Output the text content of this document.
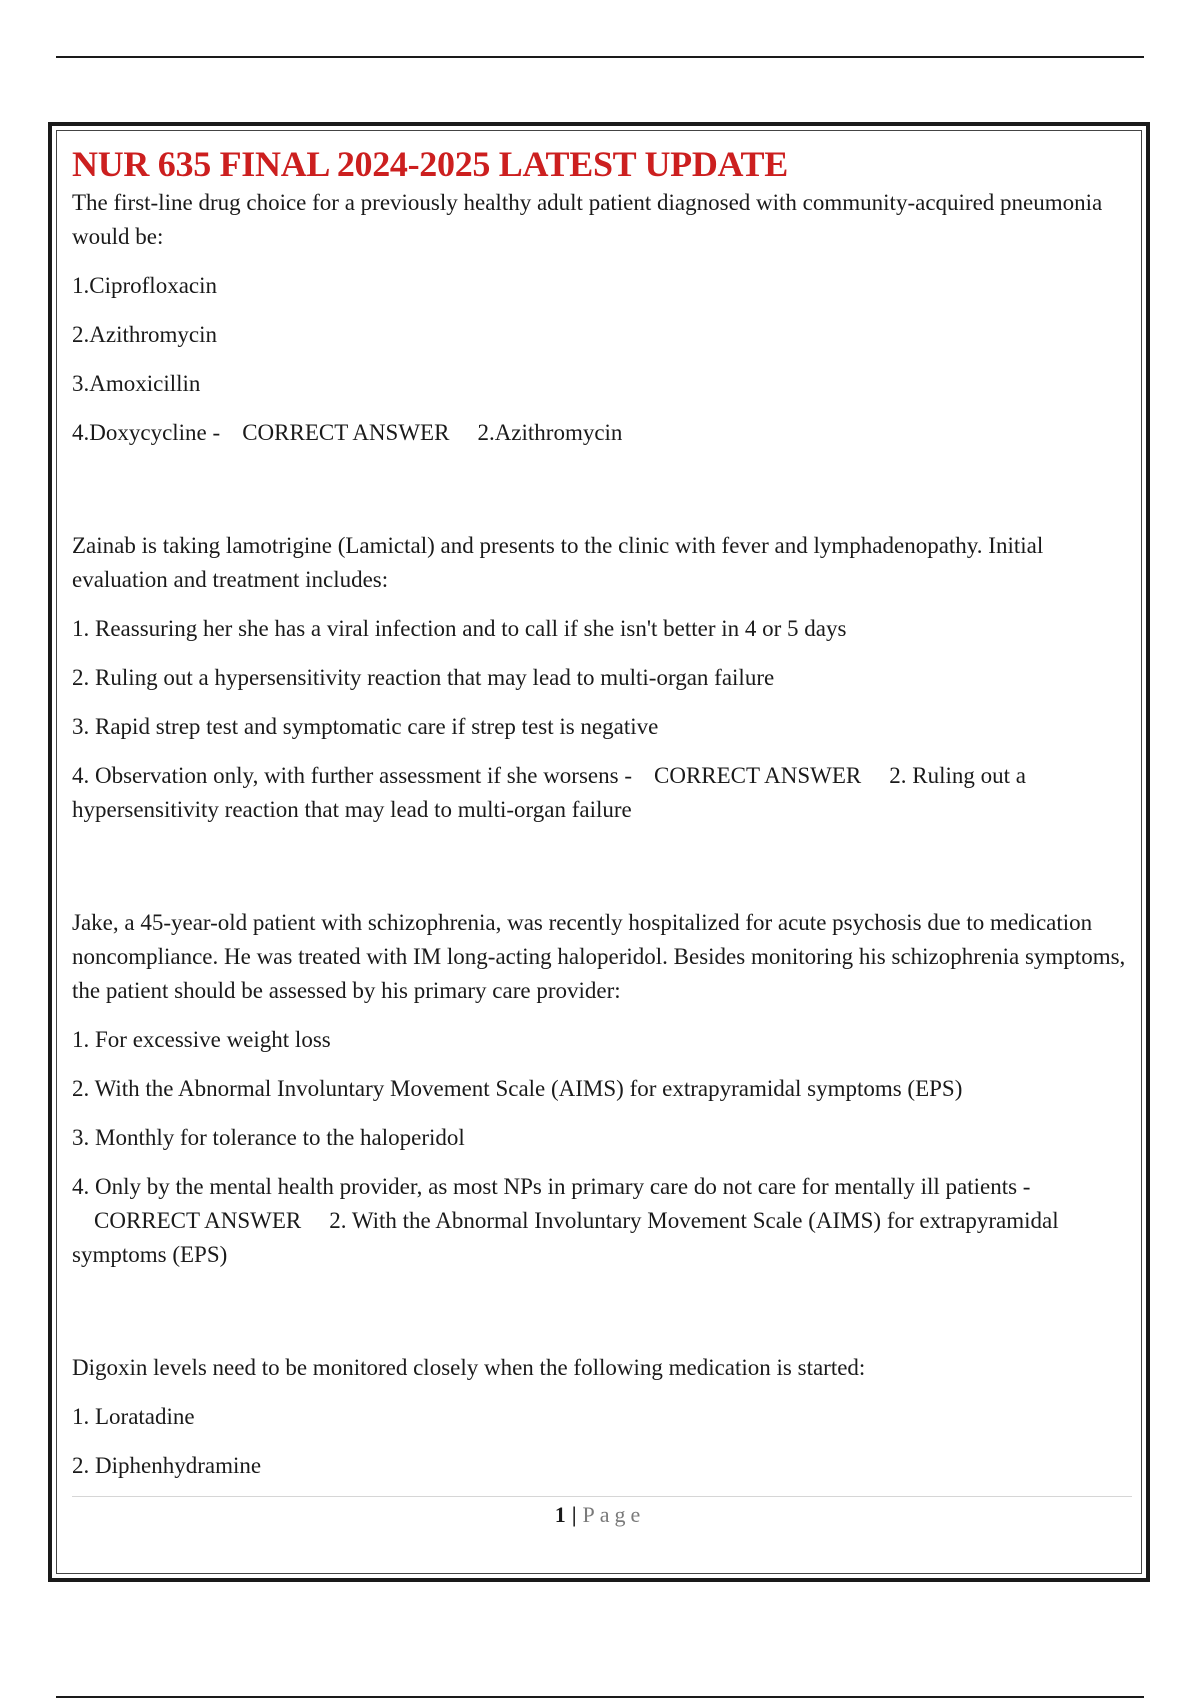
NUR 635 FINAL 2024-2025 LATEST UPDATE

The first-line drug choice for a previously healthy adult patient diagnosed with community-acquired pneumonia would be:

1.Ciprofloxacin

2.Azithromycin

3.Amoxicillin

4.Doxycycline - CORRECT ANSWER 2.Azithromycin

Zainab is taking lamotrigine (Lamictal) and presents to the clinic with fever and lymphadenopathy. Initial evaluation and treatment includes:

1. Reassuring her she has a viral infection and to call if she isn't better in 4 or 5 days

2. Ruling out a hypersensitivity reaction that may lead to multi-organ failure

3. Rapid strep test and symptomatic care if strep test is negative

4. Observation only, with further assessment if she worsens - CORRECT ANSWER 2. Ruling out a hypersensitivity reaction that may lead to multi-organ failure

Jake, a 45-year-old patient with schizophrenia, was recently hospitalized for acute psychosis due to medication noncompliance. He was treated with IM long-acting haloperidol. Besides monitoring his schizophrenia symptoms, the patient should be assessed by his primary care provider:

1. For excessive weight loss

2. With the Abnormal Involuntary Movement Scale (AIMS) for extrapyramidal symptoms (EPS)

3. Monthly for tolerance to the haloperidol

4. Only by the mental health provider, as most NPs in primary care do not care for mentally ill patients -CORRECT ANSWER 2. With the Abnormal Involuntary Movement Scale (AIMS) for extrapyramidal symptoms (EPS)

Digoxin levels need to be monitored closely when the following medication is started:

1. Loratadine

2. Diphenhydramine

1 | Page
